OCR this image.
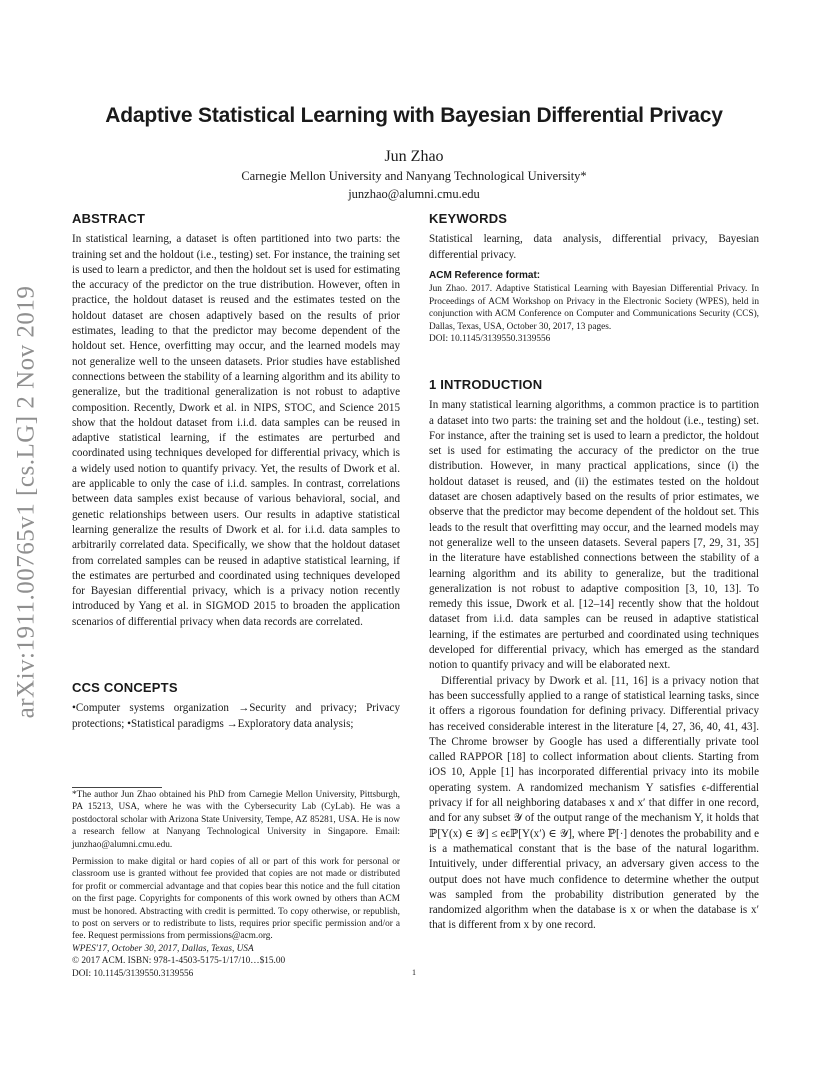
Adaptive Statistical Learning with Bayesian Differential Privacy
Jun Zhao
Carnegie Mellon University and Nanyang Technological University*
junzhao@alumni.cmu.edu
arXiv:1911.00765v1 [cs.LG] 2 Nov 2019
ABSTRACT

In statistical learning, a dataset is often partitioned into two parts: the training set and the holdout (i.e., testing) set. For instance, the training set is used to learn a predictor, and then the holdout set is used for estimating the accuracy of the predictor on the true distribution. However, often in practice, the holdout dataset is reused and the estimates tested on the holdout dataset are chosen adaptively based on the results of prior estimates, leading to that the predictor may become dependent of the holdout set. Hence, overfitting may occur, and the learned models may not generalize well to the unseen datasets. Prior studies have established connections between the stability of a learning algorithm and its ability to generalize, but the traditional generalization is not robust to adaptive composition. Recently, Dwork et al. in NIPS, STOC, and Science 2015 show that the holdout dataset from i.i.d. data samples can be reused in adaptive statistical learning, if the estimates are perturbed and coordinated using techniques developed for differential privacy, which is a widely used notion to quantify privacy. Yet, the results of Dwork et al. are applicable to only the case of i.i.d. samples. In contrast, correlations between data samples exist because of various behavioral, social, and genetic relationships between users. Our results in adaptive statistical learning generalize the results of Dwork et al. for i.i.d. data samples to arbitrarily correlated data. Specifically, we show that the holdout dataset from correlated samples can be reused in adaptive statistical learning, if the estimates are perturbed and coordinated using techniques developed for Bayesian differential privacy, which is a privacy notion recently introduced by Yang et al. in SIGMOD 2015 to broaden the application scenarios of differential privacy when data records are correlated.

CCS CONCEPTS

•Computer systems organization →Security and privacy; Privacy protections; •Statistical paradigms →Exploratory data analysis;

*The author Jun Zhao obtained his PhD from Carnegie Mellon University, Pittsburgh, PA 15213, USA, where he was with the Cybersecurity Lab (CyLab). He was a postdoctoral scholar with Arizona State University, Tempe, AZ 85281, USA. He is now a research fellow at Nanyang Technological University in Singapore. Email: junzhao@alumni.cmu.edu.

Permission to make digital or hard copies of all or part of this work for personal or classroom use is granted without fee provided that copies are not made or distributed for profit or commercial advantage and that copies bear this notice and the full citation on the first page. Copyrights for components of this work owned by others than ACM must be honored. Abstracting with credit is permitted. To copy otherwise, or republish, to post on servers or to redistribute to lists, requires prior specific permission and/or a fee. Request permissions from permissions@acm.org.

WPES'17, October 30, 2017, Dallas, Texas, USA
© 2017 ACM. ISBN: 978-1-4503-5175-1/17/10…$15.00
DOI: 10.1145/3139550.3139556
KEYWORDS

Statistical learning, data analysis, differential privacy, Bayesian differential privacy.

ACM Reference format:

Jun Zhao. 2017. Adaptive Statistical Learning with Bayesian Differential Privacy. In Proceedings of ACM Workshop on Privacy in the Electronic Society (WPES), held in conjunction with ACM Conference on Computer and Communications Security (CCS), Dallas, Texas, USA, October 30, 2017, 13 pages.

DOI: 10.1145/3139550.3139556
1 INTRODUCTION

In many statistical learning algorithms, a common practice is to partition a dataset into two parts: the training set and the holdout (i.e., testing) set. For instance, after the training set is used to learn a predictor, the holdout set is used for estimating the accuracy of the predictor on the true distribution. However, in many practical applications, since (i) the holdout dataset is reused, and (ii) the estimates tested on the holdout dataset are chosen adaptively based on the results of prior estimates, we observe that the predictor may become dependent of the holdout set. This leads to the result that overfitting may occur, and the learned models may not generalize well to the unseen datasets. Several papers [7, 29, 31, 35] in the literature have established connections between the stability of a learning algorithm and its ability to generalize, but the traditional generalization is not robust to adaptive composition [3, 10, 13]. To remedy this issue, Dwork et al. [12–14] recently show that the holdout dataset from i.i.d. data samples can be reused in adaptive statistical learning, if the estimates are perturbed and coordinated using techniques developed for differential privacy, which has emerged as the standard notion to quantify privacy and will be elaborated next.

Differential privacy by Dwork et al. [11, 16] is a privacy notion that has been successfully applied to a range of statistical learning tasks, since it offers a rigorous foundation for defining privacy. Differential privacy has received considerable interest in the literature [4, 27, 36, 40, 41, 43]. The Chrome browser by Google has used a differentially private tool called RAPPOR [18] to collect information about clients. Starting from iOS 10, Apple [1] has incorporated differential privacy into its mobile operating system. A randomized mechanism Y satisfies ϵ-differential privacy if for all neighboring databases x and x′ that differ in one record, and for any subset 𝒴 of the output range of the mechanism Y, it holds that ℙ[Y(x) ∈ 𝒴] ≤ eϵℙ[Y(x′) ∈ 𝒴], where ℙ[·] denotes the probability and e is a mathematical constant that is the base of the natural logarithm. Intuitively, under differential privacy, an adversary given access to the output does not have much confidence to determine whether the output was sampled from the probability distribution generated by the randomized algorithm when the database is x or when the database is x′ that is different from x by one record.

1
